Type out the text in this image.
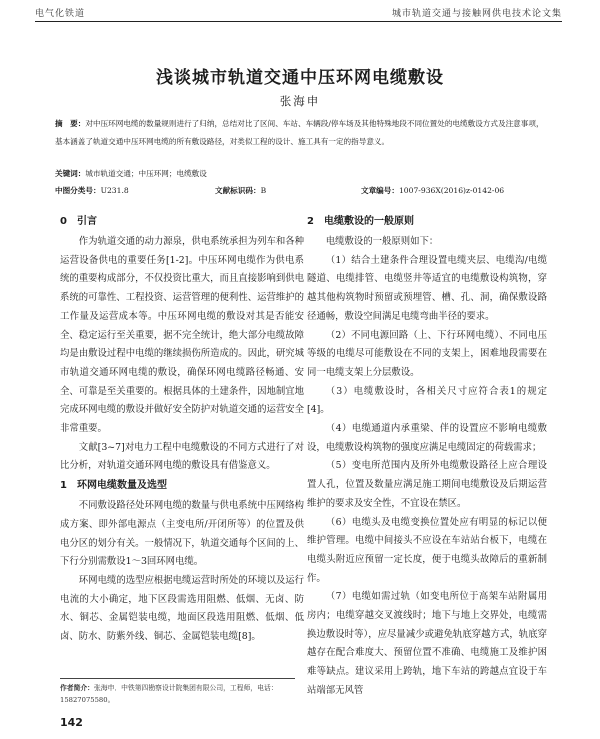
电气化铁道	城市轨道交通与接触网供电技术论文集
浅谈城市轨道交通中压环网电缆敷设
张海申
摘　要：对中压环网电缆的数量规则进行了归纳，总结对比了区间、车站、车辆段/停车场及其他特殊地段不同位置处的电缆敷设方式及注意事项，基本涵盖了轨道交通中压环网电缆的所有敷设路径，对类似工程的设计、施工具有一定的指导意义。
关键词：城市轨道交通；中压环网；电缆敷设
中图分类号：U231.8	文献标识码：B	文章编号：1007-936X(2016)z-0142-06
0 引言

作为轨道交通的动力源泉，供电系统承担为列车和各种运营设备供电的重要任务[1-2]。中压环网电缆作为供电系统的重要构成部分，不仅投资比重大，而且直接影响到供电系统的可靠性、工程投资、运营管理的便利性、运营维护的工作量及运营成本等。中压环网电缆的敷设对其是否能安全、稳定运行至关重要，据不完全统计，绝大部分电缆故障均是由敷设过程中电缆的继续损伤所造成的。因此，研究城市轨道交通环网电缆的敷设，确保环网电缆路径畅通、安全、可靠是至关重要的。根据具体的土建条件，因地制宜地完成环网电缆的敷设并做好安全防护对轨道交通的运营安全非常重要。

文献[3~7]对电力工程中电缆敷设的不同方式进行了对比分析，对轨道交通环网电缆的敷设具有借鉴意义。

1 环网电缆数量及选型

不同敷设路径处环网电缆的数量与供电系统中压网络构成方案、即外部电源点（主变电所/开闭所等）的位置及供电分区的划分有关。一般情况下，轨道交通每个区间的上、下行分别需敷设1～3回环网电缆。

环网电缆的选型应根据电缆运营时所处的环境以及运行电流的大小确定，地下区段需选用阻燃、低烟、无卤、防水、铜芯、金属铠装电缆，地面区段选用阻燃、低烟、低卤、防水、防紫外线、铜芯、金属铠装电缆[8]。

2 电缆敷设的一般原则

电缆敷设的一般原则如下：

（1）结合土建条件合理设置电缆夹层、电缆沟/电缆隧道、电缆排管、电缆竖井等适宜的电缆敷设构筑物，穿越其他构筑物时预留或预埋管、槽、孔、洞，确保敷设路径通畅，敷设空间满足电缆弯曲半径的要求。

（2）不同电源回路（上、下行环网电缆）、不同电压等级的电缆尽可能敷设在不同的支架上，困难地段需要在同一电缆支架上分层敷设。

（3）电缆敷设时，各相关尺寸应符合表1的规定[4]。

（4）电缆通道内承重梁、伴的设置应不影响电缆敷设，电缆敷设构筑物的强度应满足电缆固定的荷载需求；

（5）变电所范围内及所外电缆敷设路径上应合理设置人孔，位置及数量应满足施工期间电缆敷设及后期运营维护的要求及安全性，不宜设在禁区。

（6）电缆头及电缆变换位置处应有明显的标记以便维护管理。电缆中间接头不应设在车站站台板下，电缆在电缆头附近应预留一定长度，便于电缆头故障后的重新制作。

（7）电缆如需过轨（如变电所位于高架车站附属用房内；电缆穿越交叉渡线时；地下与地上交界处，电缆需换边敷设时等），应尽量减少或避免轨底穿越方式，轨底穿越存在配合难度大、预留位置不准确、电缆施工及维护困难等缺点。建议采用上跨轨，地下车站的跨越点宜设于车站端部无风管

作者简介：张海申．中铁第四勘察设计院集团有限公司，工程师，电话：15827075580。
142
